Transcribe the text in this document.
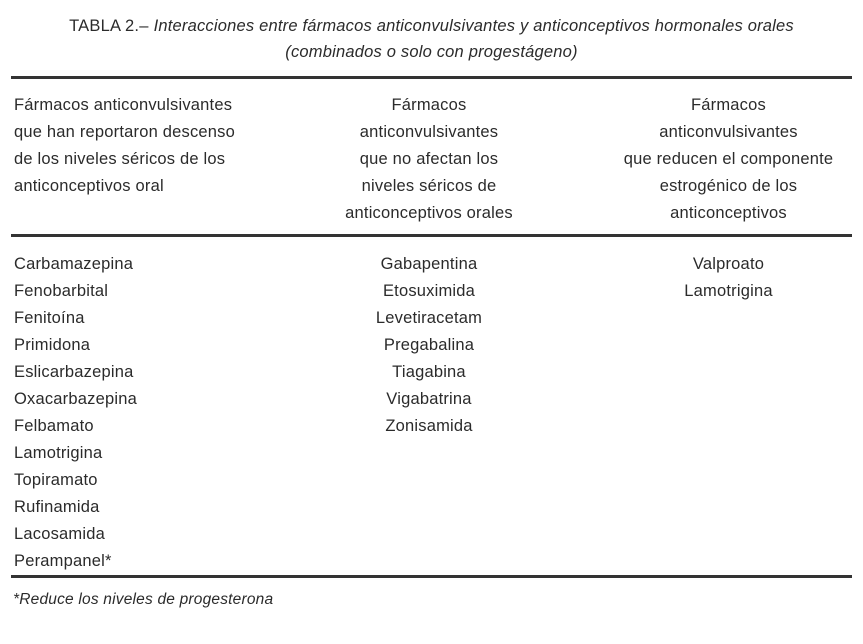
TABLA 2.– Interacciones entre fármacos anticonvulsivantes y anticonceptivos hormonales orales
(combinados o solo con progestágeno)
Fármacos anticonvulsivantes
que han reportaron descenso
de los niveles séricos de los
anticonceptivos oral
Fármacos
anticonvulsivantes
que no afectan los
niveles séricos de
anticonceptivos orales
Fármacos
anticonvulsivantes
que reducen el componente
estrogénico de los
anticonceptivos
Carbamazepina
Fenobarbital
Fenitoína
Primidona
Eslicarbazepina
Oxacarbazepina
Felbamato
Lamotrigina
Topiramato
Rufinamida
Lacosamida
Perampanel*
Gabapentina
Etosuximida
Levetiracetam
Pregabalina
Tiagabina
Vigabatrina
Zonisamida
Valproato
Lamotrigina
*Reduce los niveles de progesterona
